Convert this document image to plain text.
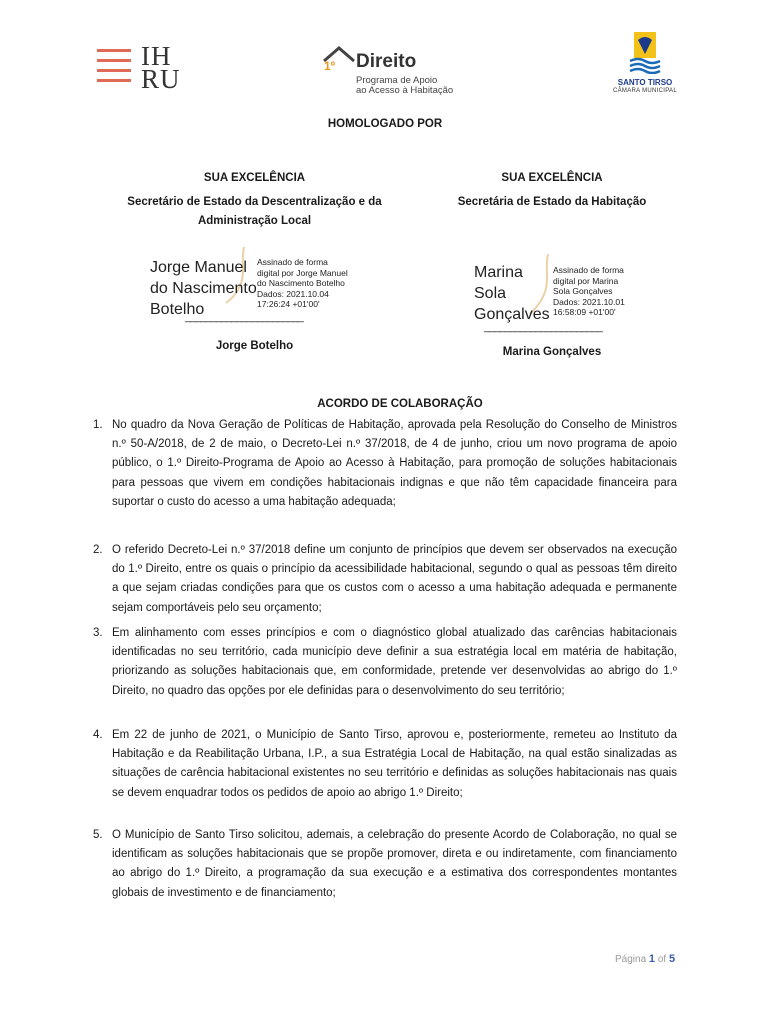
IH
RU	1º Direito
Programa de Apoio
ao Acesso à Habitação
SANTO TIRSO
CÂMARA MUNICIPAL
HOMOLOGADO POR
SUA EXCELÊNCIA
Secretário de Estado da Descentralização e da
Administração Local
Jorge Manuel
do Nascimento
Botelho
Assinado de forma
digital por Jorge Manuel
do Nascimento Botelho
Dados: 2021.10.04
17:26:24 +01'00'
_______________________
Jorge Botelho
SUA EXCELÊNCIA
Secretária de Estado da Habitação
Marina
Sola
Gonçalves
Assinado de forma
digital por Marina
Sola Gonçalves
Dados: 2021.10.01
16:58:09 +01'00'
_______________________
Marina Gonçalves
ACORDO DE COLABORAÇÃO
1. No quadro da Nova Geração de Políticas de Habitação, aprovada pela Resolução do Conselho de Ministros n.º 50-A/2018, de 2 de maio, o Decreto-Lei n.º 37/2018, de 4 de junho, criou um novo programa de apoio público, o 1.º Direito-Programa de Apoio ao Acesso à Habitação, para promoção de soluções habitacionais para pessoas que vivem em condições habitacionais indignas e que não têm capacidade financeira para suportar o custo do acesso a uma habitação adequada;
2. O referido Decreto-Lei n.º 37/2018 define um conjunto de princípios que devem ser observados na execução do 1.º Direito, entre os quais o princípio da acessibilidade habitacional, segundo o qual as pessoas têm direito a que sejam criadas condições para que os custos com o acesso a uma habitação adequada e permanente sejam comportáveis pelo seu orçamento;
3. Em alinhamento com esses princípios e com o diagnóstico global atualizado das carências habitacionais identificadas no seu território, cada município deve definir a sua estratégia local em matéria de habitação, priorizando as soluções habitacionais que, em conformidade, pretende ver desenvolvidas ao abrigo do 1.º Direito, no quadro das opções por ele definidas para o desenvolvimento do seu território;
4. Em 22 de junho de 2021, o Município de Santo Tirso, aprovou e, posteriormente, remeteu ao Instituto da Habitação e da Reabilitação Urbana, I.P., a sua Estratégia Local de Habitação, na qual estão sinalizadas as situações de carência habitacional existentes no seu território e definidas as soluções habitacionais nas quais se devem enquadrar todos os pedidos de apoio ao abrigo 1.º Direito;
5. O Município de Santo Tirso solicitou, ademais, a celebração do presente Acordo de Colaboração, no qual se identificam as soluções habitacionais que se propõe promover, direta e ou indiretamente, com financiamento ao abrigo do 1.º Direito, a programação da sua execução e a estimativa dos correspondentes montantes globais de investimento e de financiamento;
Página 1 of 5
